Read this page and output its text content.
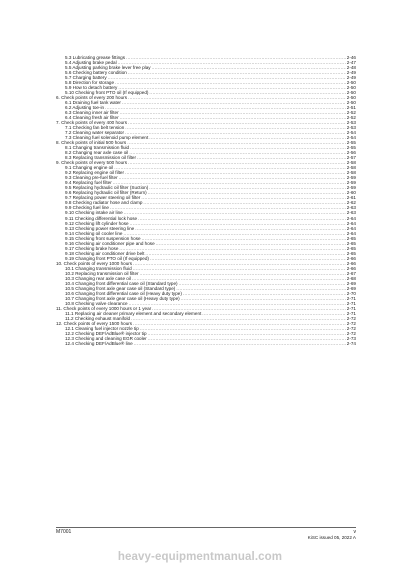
5.3 Lubricating grease fittings .....	2-46
5.4 Adjusting brake pedal .....	2-47
5.5 Adjusting parking brake lever free play .....	2-48
5.6 Checking battery condition .....	2-49
5.7 Charging battery .....	2-49
5.8 Direction for storage .....	2-50
5.9 How to detach battery .....	2-50
5.10 Checking front PTO oil (If equipped) .....	2-50
6. Check points of every 200 hours .....	2-50
6.1 Draining fuel tank water .....	2-50
6.2 Adjusting toe-in .....	2-51
6.3 Cleaning inner air filter .....	2-52
6.4 Cleaning fresh air filter .....	2-52
7. Check points of every 400 hours .....	2-53
7.1 Checking fan belt tension .....	2-53
7.2 Cleaning water separator .....	2-54
7.3 Cleaning fuel solenoid pump element .....	2-54
8. Check points of initial 500 hours .....	2-55
8.1 Changing transmission fluid .....	2-55
8.2 Changing rear axle case oil .....	2-56
8.3 Replacing transmission oil filter .....	2-57
9. Check points of every 500 hours .....	2-58
9.1 Changing engine oil .....	2-58
9.2 Replacing engine oil filter .....	2-58
9.3 Cleaning pre-fuel filter .....	2-59
9.4 Replacing fuel filter .....	2-59
9.5 Replacing hydraulic oil filter (Suction) .....	2-59
9.6 Replacing hydraulic oil filter (Return) .....	2-60
9.7 Replacing power steering oil filter .....	2-61
9.8 Checking radiator hose and clamp .....	2-62
9.9 Checking fuel line .....	2-63
9.10 Checking intake air line .....	2-63
9.11 Checking differential lock hose .....	2-64
9.12 Checking lift cylinder hose .....	2-64
9.13 Checking power steering line .....	2-64
9.14 Checking oil cooler line .....	2-64
9.15 Checking front suspension hose .....	2-65
9.16 Checking air conditioner pipe and hose .....	2-65
9.17 Checking brake hose .....	2-65
9.18 Checking air conditioner drive belt .....	2-65
9.19 Changing front PTO oil (If equipped) .....	2-66
10. Check points of every 1000 hours .....	2-66
10.1 Changing transmission fluid .....	2-66
10.2 Replacing transmission oil filter .....	2-67
10.3 Changing rear axle case oil .....	2-68
10.4 Changing front differential case oil (Standard type) .....	2-69
10.5 Changing front axle gear case oil (Standard type) .....	2-69
10.6 Changing front differential case oil (Heavy duty type) .....	2-70
10.7 Changing front axle gear case oil (Heavy duty type) .....	2-71
10.8 Checking valve clearance .....	2-71
11. Check points of every 1000 hours or 1 year .....	2-71
11.1 Replacing air cleaner primary element and secondary element .....	2-71
11.2 Checking exhaust manifold .....	2-72
12. Check points of every 1500 hours .....	2-72
12.1 Cleaning fuel injector nozzle tip .....	2-72
12.2 Checking DEF/AdBlue® injector tip .....	2-72
12.3 Checking and cleaning EGR cooler .....	2-73
12.4 Checking DEF/AdBlue® line .....	2-74
M7001	v
KiSC issued 05, 2022 A
heavy-equipmentmanual.com
